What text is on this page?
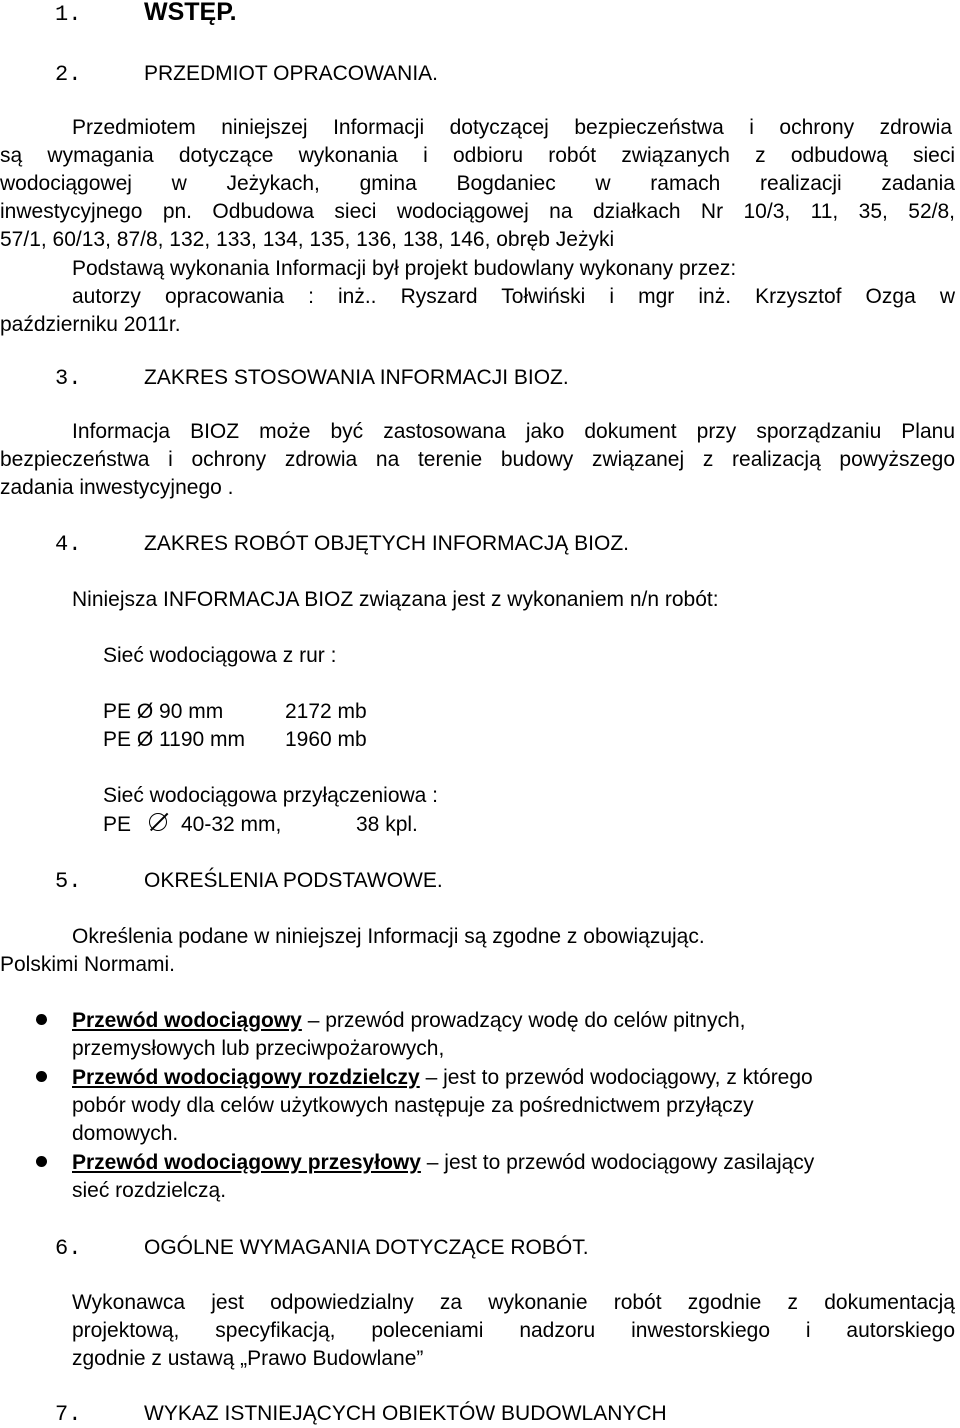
1.	WSTĘP.
2.	PRZEDMIOT OPRACOWANIA.
Przedmiotem niniejszej Informacji dotyczącej bezpieczeństwa i ochrony zdrowia
są wymagania dotyczące wykonania i odbioru robót związanych z odbudową sieci
wodociągowej w Jeżykach, gmina Bogdaniec w ramach realizacji zadania
inwestycyjnego pn. Odbudowa sieci wodociągowej na działkach Nr 10/3, 11, 35, 52/8,
57/1, 60/13, 87/8, 132, 133, 134, 135, 136, 138, 146, obręb Jeżyki
Podstawą wykonania Informacji był projekt budowlany wykonany przez:
autorzy opracowania : inż.. Ryszard Tołwiński i mgr inż. Krzysztof Ozga w
październiku 2011r.
3.	ZAKRES STOSOWANIA INFORMACJI BIOZ.
Informacja BIOZ może być zastosowana jako dokument przy sporządzaniu Planu
bezpieczeństwa i ochrony zdrowia na terenie budowy związanej z realizacją powyższego
zadania inwestycyjnego .
4.	ZAKRES ROBÓT OBJĘTYCH INFORMACJĄ BIOZ.
Niniejsza INFORMACJA BIOZ związana jest z wykonaniem n/n robót:
Sieć wodociągowa z rur :
PE Ø 90 mm	2172 mb
PE Ø 1190 mm 1960 mb
Sieć wodociągowa przyłączeniowa :
PE 40-32 mm,	38 kpl.
5.	OKREŚLENIA PODSTAWOWE.
Określenia podane w niniejszej Informacji są zgodne z obowiązując.
Polskimi Normami.
Przewód wodociągowy – przewód prowadzący wodę do celów pitnych,
przemysłowych lub przeciwpożarowych,
Przewód wodociągowy rozdzielczy – jest to przewód wodociągowy, z którego
pobór wody dla celów użytkowych następuje za pośrednictwem przyłączy
domowych.
Przewód wodociągowy przesyłowy – jest to przewód wodociągowy zasilający
sieć rozdzielczą.
6.	OGÓLNE WYMAGANIA DOTYCZĄCE ROBÓT.
Wykonawca jest odpowiedzialny za wykonanie robót zgodnie z dokumentacją
projektową, specyfikacją, poleceniami nadzoru inwestorskiego i autorskiego
zgodnie z ustawą „Prawo Budowlane”
7.	WYKAZ ISTNIEJĄCYCH OBIEKTÓW BUDOWLANYCH
